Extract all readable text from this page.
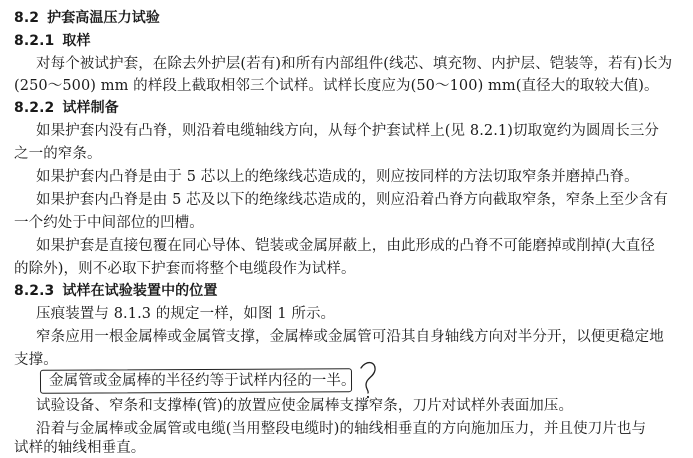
8.2 护套高温压力试验
8.2.1 取样
对每个被试护套，在除去外护层(若有)和所有内部组件(线芯、填充物、内护层、铠装等，若有)长为
(250～500) mm 的样段上截取相邻三个试样。试样长度应为(50～100) mm(直径大的取较大值)。
8.2.2 试样制备
如果护套内没有凸脊，则沿着电缆轴线方向，从每个护套试样上(见 8.2.1)切取宽约为圆周长三分
之一的窄条。
如果护套内凸脊是由于 5 芯以上的绝缘线芯造成的，则应按同样的方法切取窄条并磨掉凸脊。
如果护套内凸脊是由 5 芯及以下的绝缘线芯造成的，则应沿着凸脊方向截取窄条，窄条上至少含有
一个约处于中间部位的凹槽。
如果护套是直接包覆在同心导体、铠装或金属屏蔽上，由此形成的凸脊不可能磨掉或削掉(大直径
的除外)，则不必取下护套而将整个电缆段作为试样。
8.2.3 试样在试验装置中的位置
压痕装置与 8.1.3 的规定一样，如图 1 所示。
窄条应用一根金属棒或金属管支撑，金属棒或金属管可沿其自身轴线方向对半分开，以便更稳定地
支撑。
金属管或金属棒的半径约等于试样内径的一半。
试验设备、窄条和支撑棒(管)的放置应使金属棒支撑窄条，刀片对试样外表面加压。
沿着与金属棒或金属管或电缆(当用整段电缆时)的轴线相垂直的方向施加压力，并且使刀片也与
试样的轴线相垂直。
